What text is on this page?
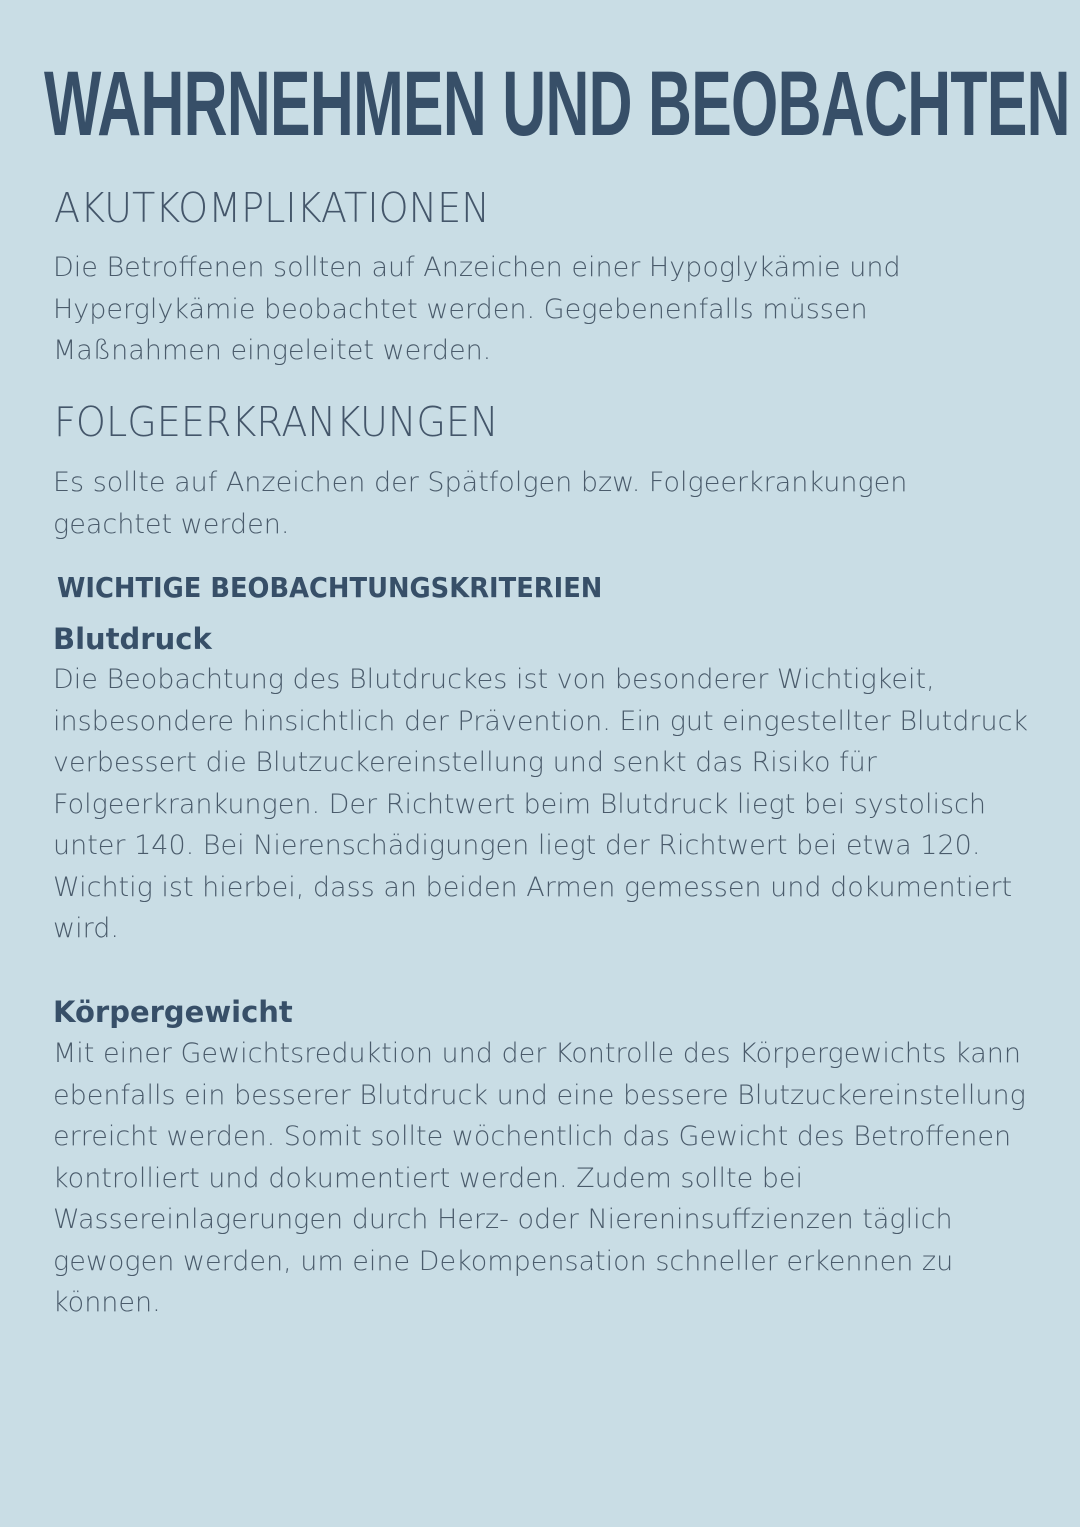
WAHRNEHMEN UND BEOBACHTEN
AKUTKOMPLIKATIONEN

Die Betroffenen sollten auf Anzeichen einer Hypoglykämie und
Hyperglykämie beobachtet werden. Gegebenenfalls müssen
Maßnahmen eingeleitet werden.

FOLGEERKRANKUNGEN

Es sollte auf Anzeichen der Spätfolgen bzw. Folgeerkrankungen
geachtet werden.

WICHTIGE BEOBACHTUNGSKRITERIEN
Blutdruck

Die Beobachtung des Blutdruckes ist von besonderer Wichtigkeit,
insbesondere hinsichtlich der Prävention. Ein gut eingestellter Blutdruck
verbessert die Blutzuckereinstellung und senkt das Risiko für
Folgeerkrankungen. Der Richtwert beim Blutdruck liegt bei systolisch
unter 140. Bei Nierenschädigungen liegt der Richtwert bei etwa 120.
Wichtig ist hierbei, dass an beiden Armen gemessen und dokumentiert
wird.

Körpergewicht

Mit einer Gewichtsreduktion und der Kontrolle des Körpergewichts kann
ebenfalls ein besserer Blutdruck und eine bessere Blutzuckereinstellung
erreicht werden. Somit sollte wöchentlich das Gewicht des Betroffenen
kontrolliert und dokumentiert werden. Zudem sollte bei
Wassereinlagerungen durch Herz- oder Niereninsuffzienzen täglich
gewogen werden, um eine Dekompensation schneller erkennen zu
können.
